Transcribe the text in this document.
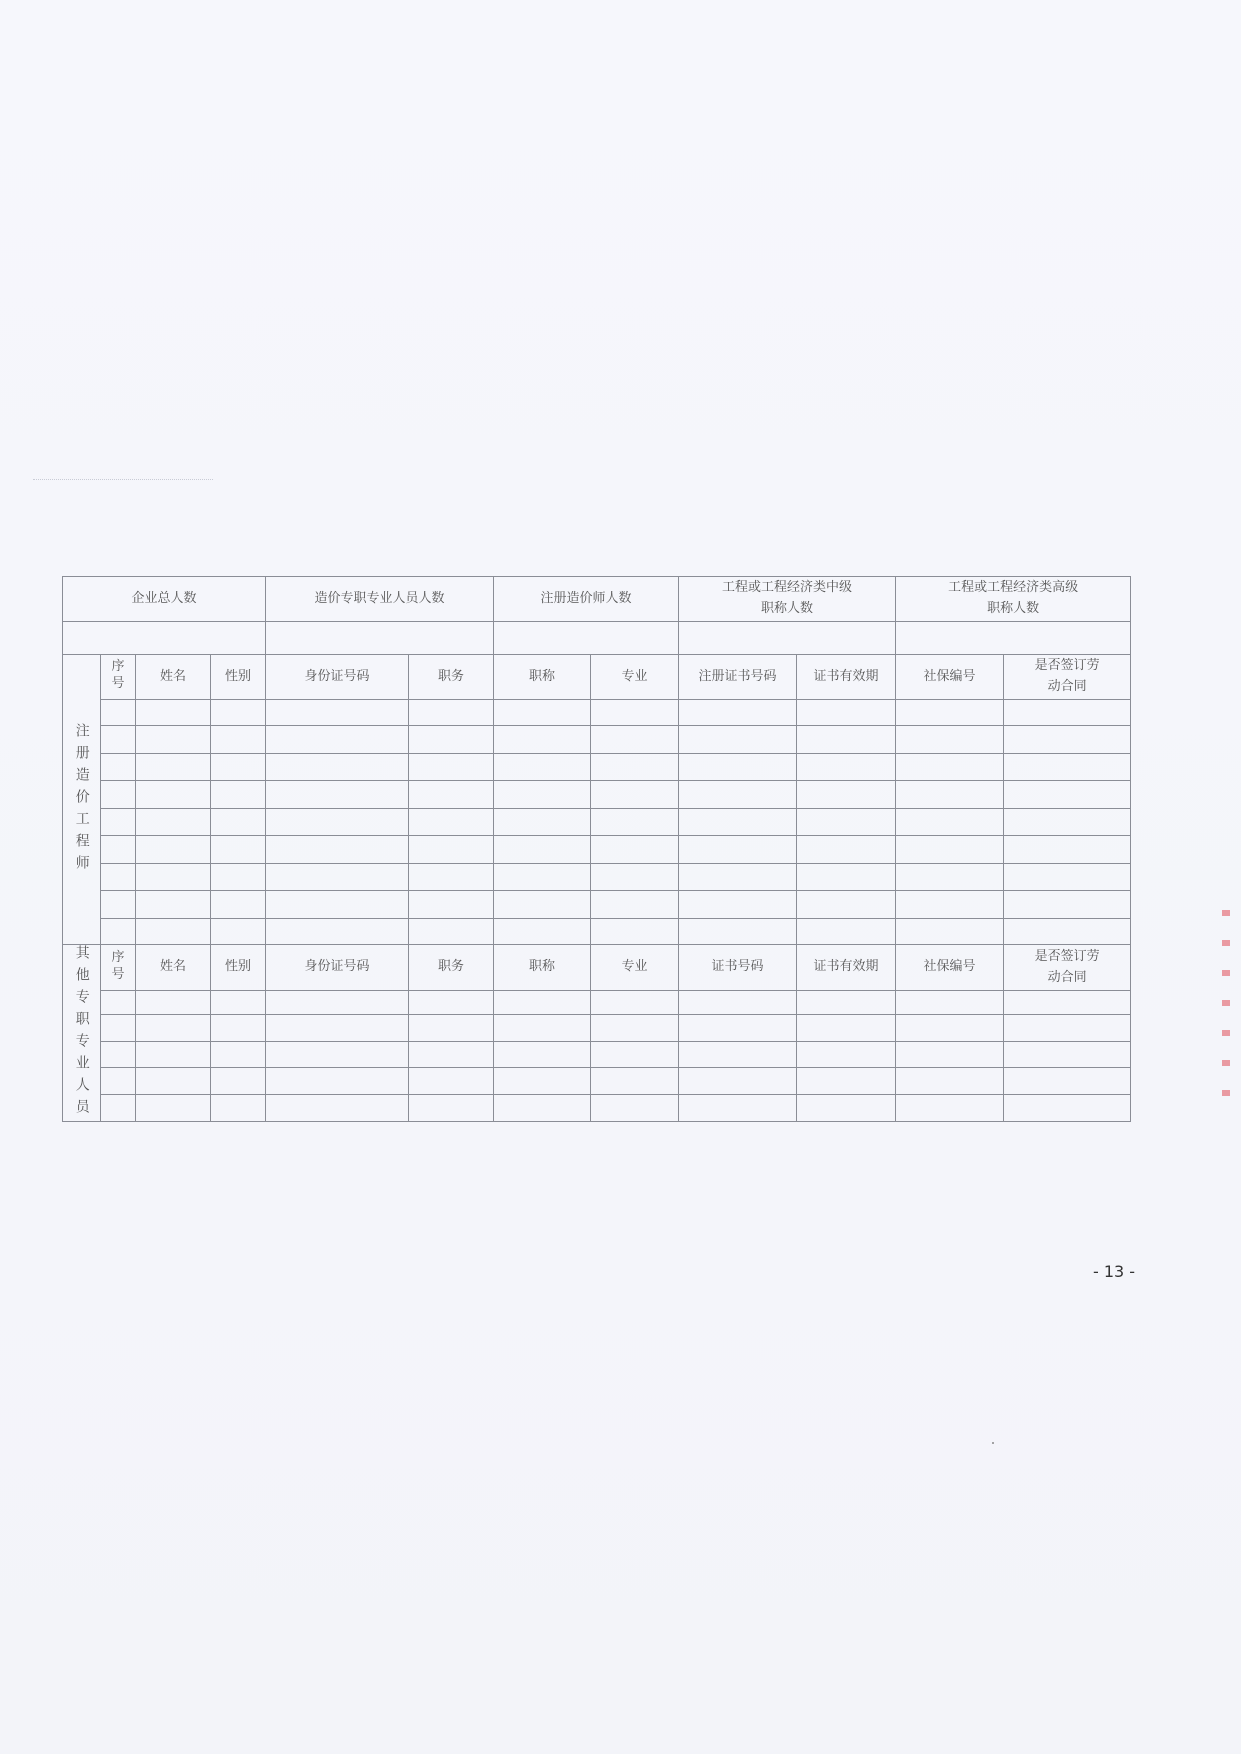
企业总人数				造价专职专业人员人数		注册造价师人数		工程或工程经济类中级职称人数		工程或工程经济类高级职称人数	

注册造价工程师	序号	姓名	性别	身份证号码	职务	职称	专业	注册证书号码	证书有效期	社保编号	是否签订劳动合同

其他专职专业人员	序号	姓名	性别	身份证号码	职务	职称	专业	证书号码	证书有效期	社保编号	是否签订劳动合同

- 13 -
